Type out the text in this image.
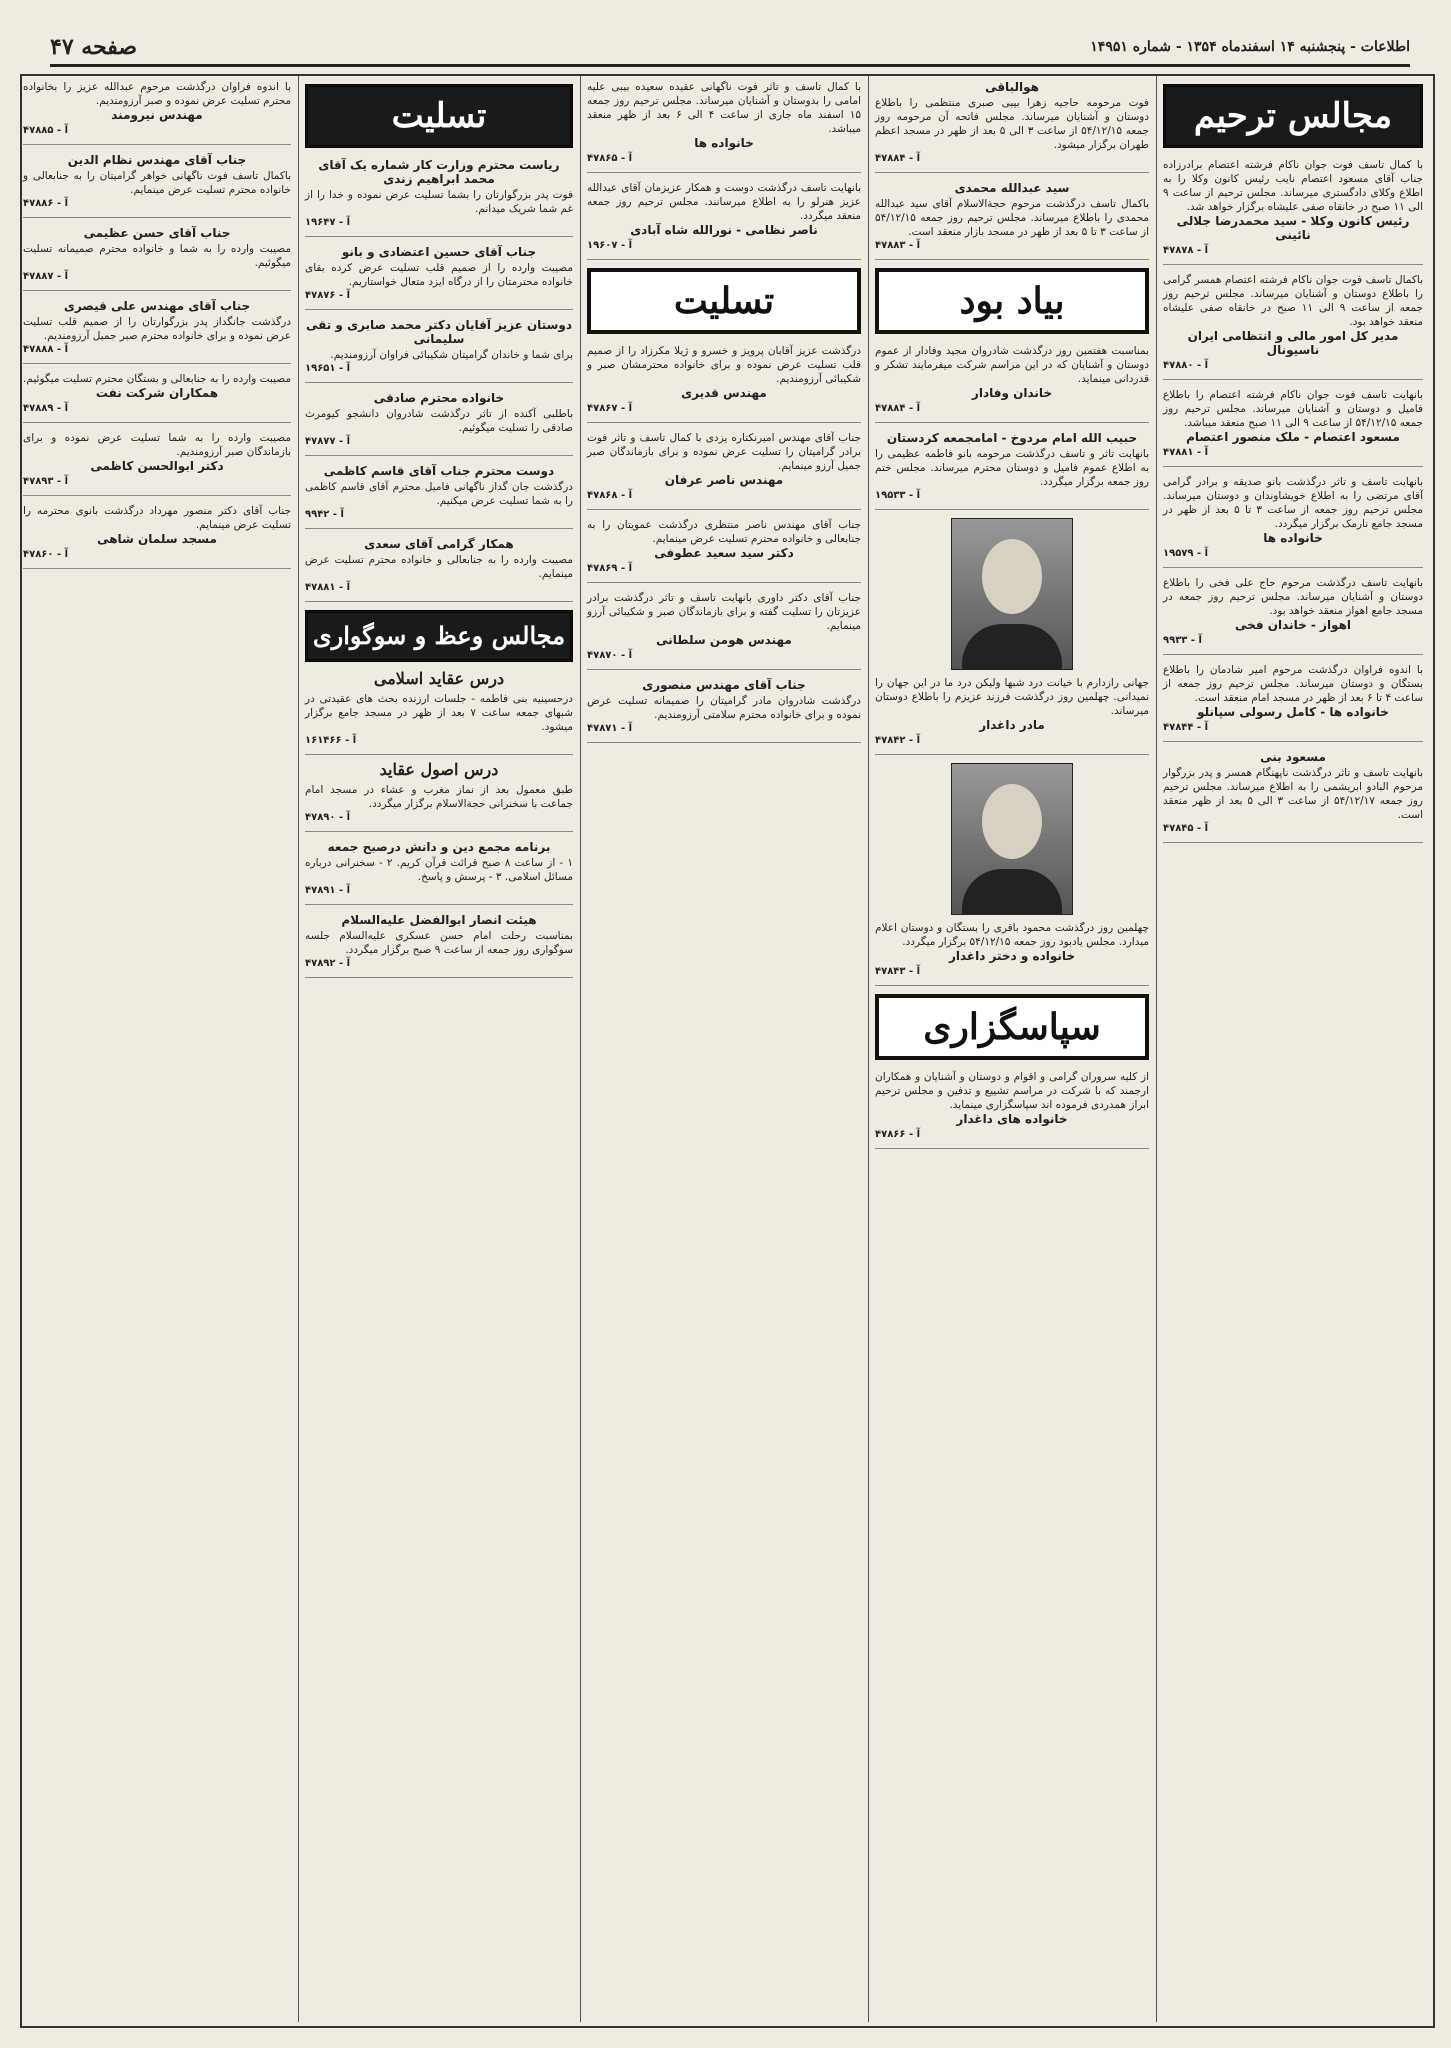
اطلاعات - پنجشنبه ۱۴ اسفندماه ۱۳۵۴ - شماره ۱۴۹۵۱
صفحه ۴۷
مجالس ترحیم
با کمال تاسف فوت جوان ناکام فرشته اعتصام برادرزاده جناب آقای مسعود اعتصام نایب رئیس کانون وکلا را به اطلاع وکلای دادگستری میرساند. مجلس ترحیم از ساعت ۹ الی ۱۱ صبح در خانقاه صفی علیشاه برگزار خواهد شد.
رئیس کانون وکلا - سید محمدرضا جلالی نائینی
آ - ۴۷۸۷۸
باکمال تاسف فوت جوان ناکام فرشته اعتصام همسر گرامی را باطلاع دوستان و آشنایان میرساند. مجلس ترحیم روز جمعه از ساعت ۹ الی ۱۱ صبح در خانقاه صفی علیشاه منعقد خواهد بود.
مدیر کل امور مالی و انتظامی ایران ناسیونال
آ - ۴۷۸۸۰
بانهایت تاسف فوت جوان ناکام فرشته اعتصام را باطلاع فامیل و دوستان و آشنایان میرساند. مجلس ترحیم روز جمعه ۵۴/۱۲/۱۵ از ساعت ۹ الی ۱۱ صبح منعقد میباشد.
مسعود اعتصام - ملک منصور اعتصام
آ - ۴۷۸۸۱
بانهایت تاسف و تاثر درگذشت بانو صدیقه و برادر گرامی آقای مرتضی را به اطلاع خویشاوندان و دوستان میرساند. مجلس ترحیم روز جمعه از ساعت ۳ تا ۵ بعد از ظهر در مسجد جامع نارمک برگزار میگردد.
خانواده ها
آ - ۱۹۵۷۹
بانهایت تاسف درگذشت مرحوم حاج علی فخی را باطلاع دوستان و آشنایان میرساند. مجلس ترحیم روز جمعه در مسجد جامع اهواز منعقد خواهد بود.
اهواز - خاندان فخی
آ - ۹۹۳۳
با اندوه فراوان درگذشت مرحوم امیر شادمان را باطلاع بستگان و دوستان میرساند. مجلس ترحیم روز جمعه از ساعت ۴ تا ۶ بعد از ظهر در مسجد امام منعقد است.
خانواده ها - کامل رسولی سپانلو
آ - ۴۷۸۴۴
مسعود بنی
بانهایت تاسف و تاثر درگذشت ناپهنگام همسر و پدر بزرگوار مرحوم البادو ابریشمی را به اطلاع میرساند. مجلس ترحیم روز جمعه ۵۴/۱۲/۱۷ از ساعت ۳ الی ۵ بعد از ظهر منعقد است.
آ - ۴۷۸۴۵
هوالباقی
فوت مرحومه حاجیه زهرا بیبی صبری منتظمی را باطلاع دوستان و آشنایان میرساند. مجلس فاتحه آن مرحومه روز جمعه ۵۴/۱۲/۱۵ از ساعت ۳ الی ۵ بعد از ظهر در مسجد اعظم طهران برگزار میشود.
آ - ۴۷۸۸۴
سید عبدالله محمدی
باکمال تاسف درگذشت مرحوم حجةالاسلام آقای سید عبدالله محمدی را باطلاع میرساند. مجلس ترحیم روز جمعه ۵۴/۱۲/۱۵ از ساعت ۳ تا ۵ بعد از ظهر در مسجد بازار منعقد است.
آ - ۴۷۸۸۳
بیاد بود
بمناسبت هفتمین روز درگذشت شادروان مجید وفادار از عموم دوستان و آشنایان که در این مراسم شرکت میفرمایند تشکر و قدردانی مینماید.
خاندان وفادار
آ - ۴۷۸۸۴
حبیب الله امام مردوخ - امامجمعه کردستان
بانهایت تاثر و تاسف درگذشت مرحومه بانو فاطمه عظیمی را به اطلاع عموم فامیل و دوستان محترم میرساند. مجلس ختم روز جمعه برگزار میگردد.
آ - ۱۹۵۳۳
جهانی رازدارم با خیانت درد شبها ولیکن درد ما در این جهان را نمیدانی. چهلمین روز درگذشت فرزند عزیزم را باطلاع دوستان میرساند.
مادر داغدار
آ - ۴۷۸۴۲
چهلمین روز درگذشت محمود باقری را بستگان و دوستان اعلام میدارد. مجلس یادبود روز جمعه ۵۴/۱۲/۱۵ برگزار میگردد.
خانواده و دختر داغدار
آ - ۴۷۸۴۳
سپاسگزاری
از کلیه سروران گرامی و اقوام و دوستان و آشنایان و همکاران ارجمند که با شرکت در مراسم تشییع و تدفین و مجلس ترحیم ابراز همدردی فرموده اند سپاسگزاری مینماید.
خانواده های داغدار
آ - ۴۷۸۶۶
با کمال تاسف و تاثر فوت ناگهانی عقیده سعیده بیبی علیه امامی را بدوستان و آشنایان میرساند. مجلس ترحیم روز جمعه ۱۵ اسفند ماه جاری از ساعت ۴ الی ۶ بعد از ظهر منعقد میباشد.
خانواده ها
آ - ۴۷۸۶۵
بانهایت تاسف درگذشت دوست و همکار عزیزمان آقای عبدالله عزیز هنرلو را به اطلاع میرسانند. مجلس ترحیم روز جمعه منعقد میگردد.
ناصر نظامی - نورالله شاه آبادی
آ - ۱۹۶۰۷
تسلیت
درگذشت عزیز آقابان پرویز و خسرو و ژیلا مکرزاد را از صمیم قلب تسلیت عرض نموده و برای خانواده محترمشان صبر و شکیبائی آرزومندیم.
مهندس قدیری
آ - ۴۷۸۶۷
جناب آقای مهندس امیرنکتاره یزدی با کمال تاسف و تاثر فوت برادر گرامیتان را تسلیت عرض نموده و برای بازماندگان صبر جمیل آرزو مینمایم.
مهندس ناصر عرفان
آ - ۴۷۸۶۸
جناب آقای مهندس ناصر منتظری درگذشت عمویتان را به جنابعالی و خانواده محترم تسلیت عرض مینمایم.
دکتر سید سعید عطوفی
آ - ۴۷۸۶۹
جناب آقای دکتر داوری بانهایت تاسف و تاثر درگذشت برادر عزیزتان را تسلیت گفته و برای بازماندگان صبر و شکیبائی آرزو مینمایم.
مهندس هومن سلطانی
آ - ۴۷۸۷۰
جناب آقای مهندس منصوری
درگذشت شادروان مادر گرامیتان را صمیمانه تسلیت عرض نموده و برای خانواده محترم سلامتی آرزومندیم.
آ - ۴۷۸۷۱
تسلیت
ریاست محترم وزارت کار شماره یک آقای محمد ابراهیم زندی
فوت پدر بزرگوارتان را بشما تسلیت عرض نموده و خدا را از غم شما شریک میدانم.
آ - ۱۹۶۴۷
جناب آقای حسین اعتضادی و بانو
مصیبت وارده را از صمیم قلب تسلیت عرض کرده بقای خانواده محترمتان را از درگاه ایزد متعال خواستاریم.
آ - ۴۷۸۷۶
دوستان عزیز آقایان دکتر محمد صابری و تقی سلیمانی
برای شما و خاندان گرامیتان شکیبائی فراوان آرزومندیم.
آ - ۱۹۶۵۱
خانواده محترم صادقی
باطلبی آکنده از تاثر درگذشت شادروان دانشجو کیومرث صادقی را تسلیت میگوئیم.
آ - ۴۷۸۷۷
دوست محترم جناب آقای قاسم کاظمی
درگذشت جان گداز ناگهانی فامیل محترم آقای قاسم کاظمی را به شما تسلیت عرض میکنیم.
آ - ۹۹۴۲
همکار گرامی آقای سعدی
مصیبت وارده را به جنابعالی و خانواده محترم تسلیت عرض مینمایم.
آ - ۴۷۸۸۱
مجالس وعظ و سوگواری
درس عقاید اسلامی
درحسینیه بنی فاطمه - جلسات ارزنده بحث های عقیدتی در شبهای جمعه ساعت ۷ بعد از ظهر در مسجد جامع برگزار میشود.
آ - ۱۶۱۴۶۶
درس اصول عقاید
طبق معمول بعد از نماز مغرب و عشاء در مسجد امام جماعت با سخنرانی حجةالاسلام برگزار میگردد.
آ - ۴۷۸۹۰
برنامه مجمع دین و دانش درصبح جمعه
۱ - از ساعت ۸ صبح قرائت قرآن کریم. ۲ - سخنرانی درباره مسائل اسلامی. ۳ - پرسش و پاسخ.
آ - ۴۷۸۹۱
هیئت انصار ابوالفضل علیه‌السلام
بمناسبت رحلت امام حسن عسکری علیه‌السلام جلسه سوگواری روز جمعه از ساعت ۹ صبح برگزار میگردد.
آ - ۴۷۸۹۲
با اندوه فراوان درگذشت مرحوم عبدالله عزیز را بخانواده محترم تسلیت عرض نموده و صبر آرزومندیم.
مهندس نیرومند
آ - ۴۷۸۸۵
جناب آقای مهندس نظام الدین
باکمال تاسف فوت ناگهانی خواهر گرامیتان را به جنابعالی و خانواده محترم تسلیت عرض مینمایم.
آ - ۴۷۸۸۶
جناب آقای حسن عظیمی
مصیبت وارده را به شما و خانواده محترم صمیمانه تسلیت میگوئیم.
آ - ۴۷۸۸۷
جناب آقای مهندس علی قیصری
درگذشت جانگداز پدر بزرگوارتان را از صمیم قلب تسلیت عرض نموده و برای خانواده محترم صبر جمیل آرزومندیم.
آ - ۴۷۸۸۸
مصیبت وارده را به جنابعالی و بستگان محترم تسلیت میگوئیم.
همکاران شرکت نفت
آ - ۴۷۸۸۹
مصیبت وارده را به شما تسلیت عرض نموده و برای بازماندگان صبر آرزومندیم.
دکتر ابوالحسن کاظمی
آ - ۴۷۸۹۳
جناب آقای دکتر منصور مهرداد درگذشت بانوی محترمه را تسلیت عرض مینمایم.
مسجد سلمان شاهی
آ - ۴۷۸۶۰
